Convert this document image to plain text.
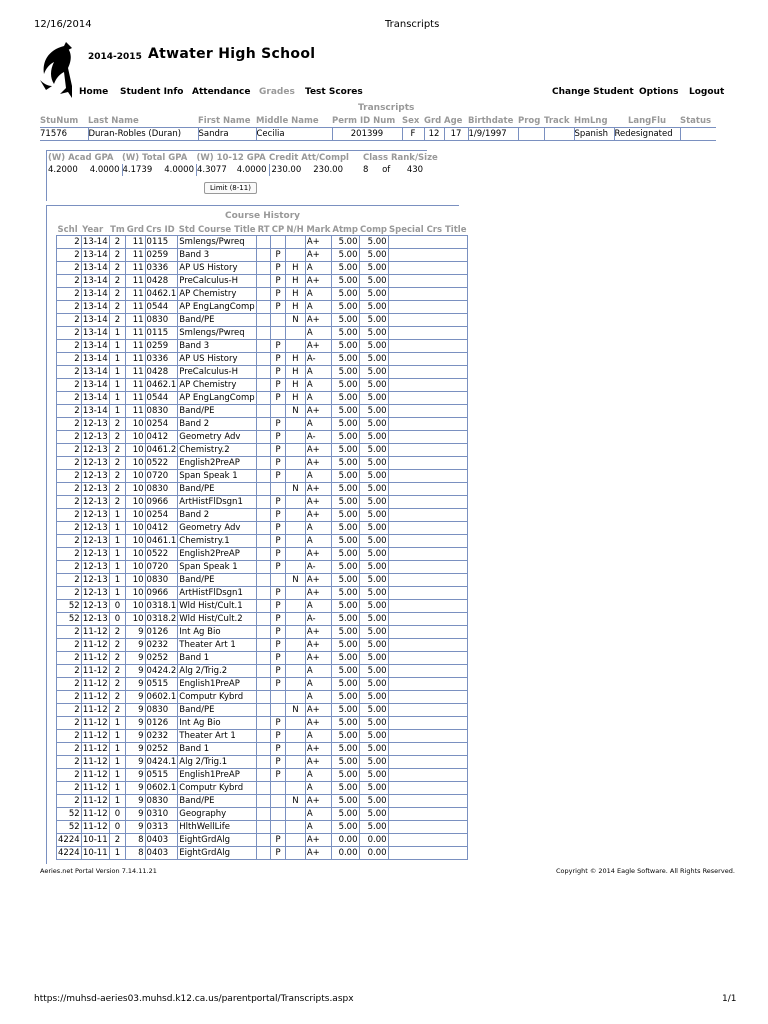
12/16/2014	Transcripts
2014-2015 Atwater High School
Home Student Info Attendance Grades Test Scores	Change Student Options Logout
Transcripts
StuNum	Last Name	First Name	Middle Name	Perm ID Num	Sex	Grd	Age	Birthdate	Prog	Track	HmLng	LangFlu	Status
71576	Duran-Robles (Duran)	Sandra	Cecilia	201399	F	12	17	1/9/1997			Spanish	Redesignated	
(W) Acad GPA		(W) Total GPA		(W) 10-12 GPA		Credit Att/Compl		Class Rank/Size		
4.2000	4.0000	4.1739	4.0000	4.3077	4.0000	230.00	230.00	8	of	430
Limit (8-11)
Course History
Schl	Year	Tm	Grd	Crs ID	Std Course Title	RT	CP	N/H	Mark	Atmp	Comp	Special Crs Title
2	13-14	2	11	0115	Smlengs/Pwreq				A+	5.00	5.00	
2	13-14	2	11	0259	Band 3		P		A+	5.00	5.00	
2	13-14	2	11	0336	AP US History		P	H	A	5.00	5.00	
2	13-14	2	11	0428	PreCalculus-H		P	H	A+	5.00	5.00	
2	13-14	2	11	0462.1	AP Chemistry		P	H	A	5.00	5.00	
2	13-14	2	11	0544	AP EngLangComp		P	H	A	5.00	5.00	
2	13-14	2	11	0830	Band/PE			N	A+	5.00	5.00	
2	13-14	1	11	0115	Smlengs/Pwreq				A	5.00	5.00	
2	13-14	1	11	0259	Band 3		P		A+	5.00	5.00	
2	13-14	1	11	0336	AP US History		P	H	A-	5.00	5.00	
2	13-14	1	11	0428	PreCalculus-H		P	H	A	5.00	5.00	
2	13-14	1	11	0462.1	AP Chemistry		P	H	A	5.00	5.00	
2	13-14	1	11	0544	AP EngLangComp		P	H	A	5.00	5.00	
2	13-14	1	11	0830	Band/PE			N	A+	5.00	5.00	
2	12-13	2	10	0254	Band 2		P		A	5.00	5.00	
2	12-13	2	10	0412	Geometry Adv		P		A-	5.00	5.00	
2	12-13	2	10	0461.2	Chemistry.2		P		A+	5.00	5.00	
2	12-13	2	10	0522	English2PreAP		P		A+	5.00	5.00	
2	12-13	2	10	0720	Span Speak 1		P		A	5.00	5.00	
2	12-13	2	10	0830	Band/PE			N	A+	5.00	5.00	
2	12-13	2	10	0966	ArtHistFlDsgn1		P		A+	5.00	5.00	
2	12-13	1	10	0254	Band 2		P		A+	5.00	5.00	
2	12-13	1	10	0412	Geometry Adv		P		A	5.00	5.00	
2	12-13	1	10	0461.1	Chemistry.1		P		A	5.00	5.00	
2	12-13	1	10	0522	English2PreAP		P		A+	5.00	5.00	
2	12-13	1	10	0720	Span Speak 1		P		A-	5.00	5.00	
2	12-13	1	10	0830	Band/PE			N	A+	5.00	5.00	
2	12-13	1	10	0966	ArtHistFlDsgn1		P		A+	5.00	5.00	
52	12-13	0	10	0318.1	Wld Hist/Cult.1		P		A	5.00	5.00	
52	12-13	0	10	0318.2	Wld Hist/Cult.2		P		A-	5.00	5.00	
2	11-12	2	9	0126	Int Ag Bio		P		A+	5.00	5.00	
2	11-12	2	9	0232	Theater Art 1		P		A+	5.00	5.00	
2	11-12	2	9	0252	Band 1		P		A+	5.00	5.00	
2	11-12	2	9	0424.2	Alg 2/Trig.2		P		A	5.00	5.00	
2	11-12	2	9	0515	English1PreAP		P		A	5.00	5.00	
2	11-12	2	9	0602.1	Computr Kybrd				A	5.00	5.00	
2	11-12	2	9	0830	Band/PE			N	A+	5.00	5.00	
2	11-12	1	9	0126	Int Ag Bio		P		A+	5.00	5.00	
2	11-12	1	9	0232	Theater Art 1		P		A	5.00	5.00	
2	11-12	1	9	0252	Band 1		P		A+	5.00	5.00	
2	11-12	1	9	0424.1	Alg 2/Trig.1		P		A+	5.00	5.00	
2	11-12	1	9	0515	English1PreAP		P		A	5.00	5.00	
2	11-12	1	9	0602.1	Computr Kybrd				A	5.00	5.00	
2	11-12	1	9	0830	Band/PE			N	A+	5.00	5.00	
52	11-12	0	9	0310	Geography				A	5.00	5.00	
52	11-12	0	9	0313	HlthWellLife				A	5.00	5.00	
4224	10-11	2	8	0403	EightGrdAlg		P		A+	0.00	0.00	
4224	10-11	1	8	0403	EightGrdAlg		P		A+	0.00	0.00	
Aeries.net Portal Version 7.14.11.21	Copyright © 2014 Eagle Software. All Rights Reserved.
https://muhsd-aeries03.muhsd.k12.ca.us/parentportal/Transcripts.aspx	1/1
